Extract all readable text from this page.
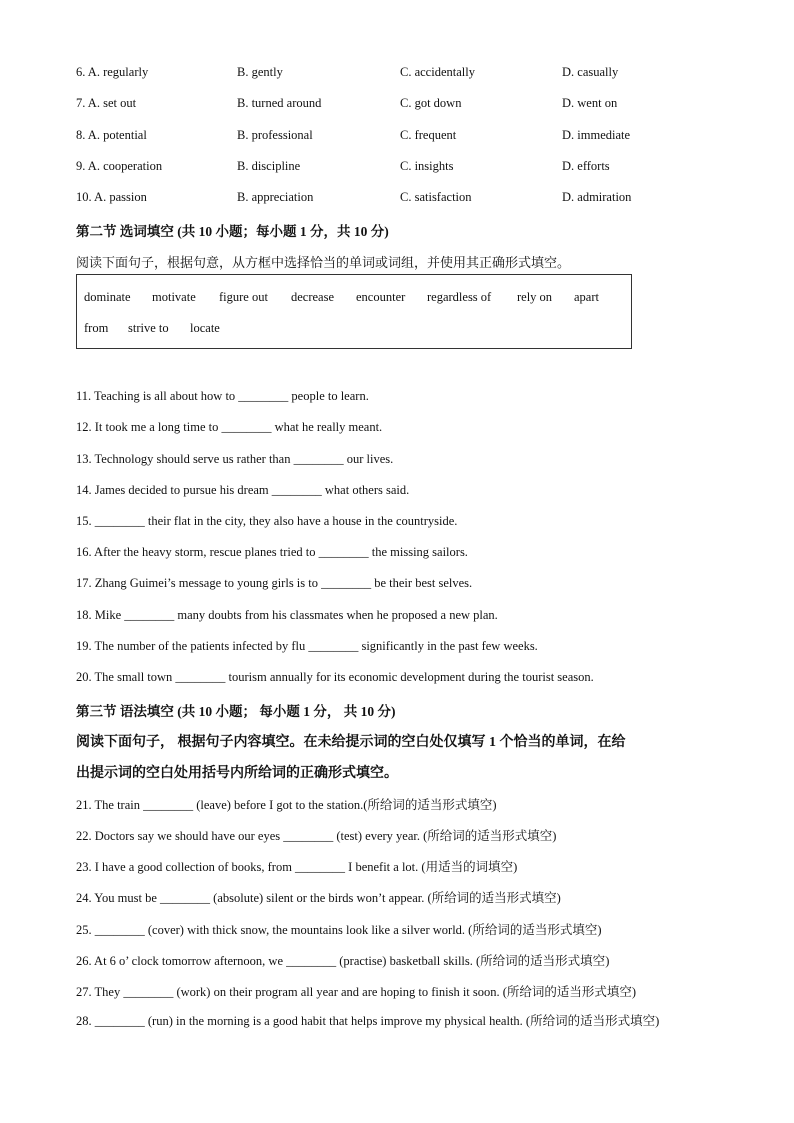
6. A. regularly	B. gently	C. accidentally	D. casually
7. A. set out	B. turned around	C. got down	D. went on
8. A. potential	B. professional	C. frequent	D. immediate
9. A. cooperation	B. discipline	C. insights	D. efforts
10. A. passion	B. appreciation	C. satisfaction	D. admiration
第二节 选词填空 (共 10 小题；每小题 1 分，共 10 分)
阅读下面句子，根据句意，从方框中选择恰当的单词或词组，并使用其正确形式填空。
dominate motivate figure out decrease encounter regardless of rely on apart
from strive to locate
11. Teaching is all about how to ________ people to learn.
12. It took me a long time to ________ what he really meant.
13. Technology should serve us rather than ________ our lives.
14. James decided to pursue his dream ________ what others said.
15. ________ their flat in the city, they also have a house in the countryside.
16. After the heavy storm, rescue planes tried to ________ the missing sailors.
17. Zhang Guimei’s message to young girls is to ________ be their best selves.
18. Mike ________ many doubts from his classmates when he proposed a new plan.
19. The number of the patients infected by flu ________ significantly in the past few weeks.
20. The small town ________ tourism annually for its economic development during the tourist season.
第三节 语法填空 (共 10 小题； 每小题 1 分， 共 10 分)
阅读下面句子， 根据句子内容填空。在未给提示词的空白处仅填写 1 个恰当的单词，在给
出提示词的空白处用括号内所给词的正确形式填空。
21. The train ________ (leave) before I got to the station.(所给词的适当形式填空)
22. Doctors say we should have our eyes ________ (test) every year. (所给词的适当形式填空)
23. I have a good collection of books, from ________ I benefit a lot. (用适当的词填空)
24. You must be ________ (absolute) silent or the birds won’t appear. (所给词的适当形式填空)
25. ________ (cover) with thick snow, the mountains look like a silver world. (所给词的适当形式填空)
26. At 6 o’ clock tomorrow afternoon, we ________ (practise) basketball skills. (所给词的适当形式填空)
27. They ________ (work) on their program all year and are hoping to finish it soon. (所给词的适当形式填空)
28. ________ (run) in the morning is a good habit that helps improve my physical health. (所给词的适当形式填空)
